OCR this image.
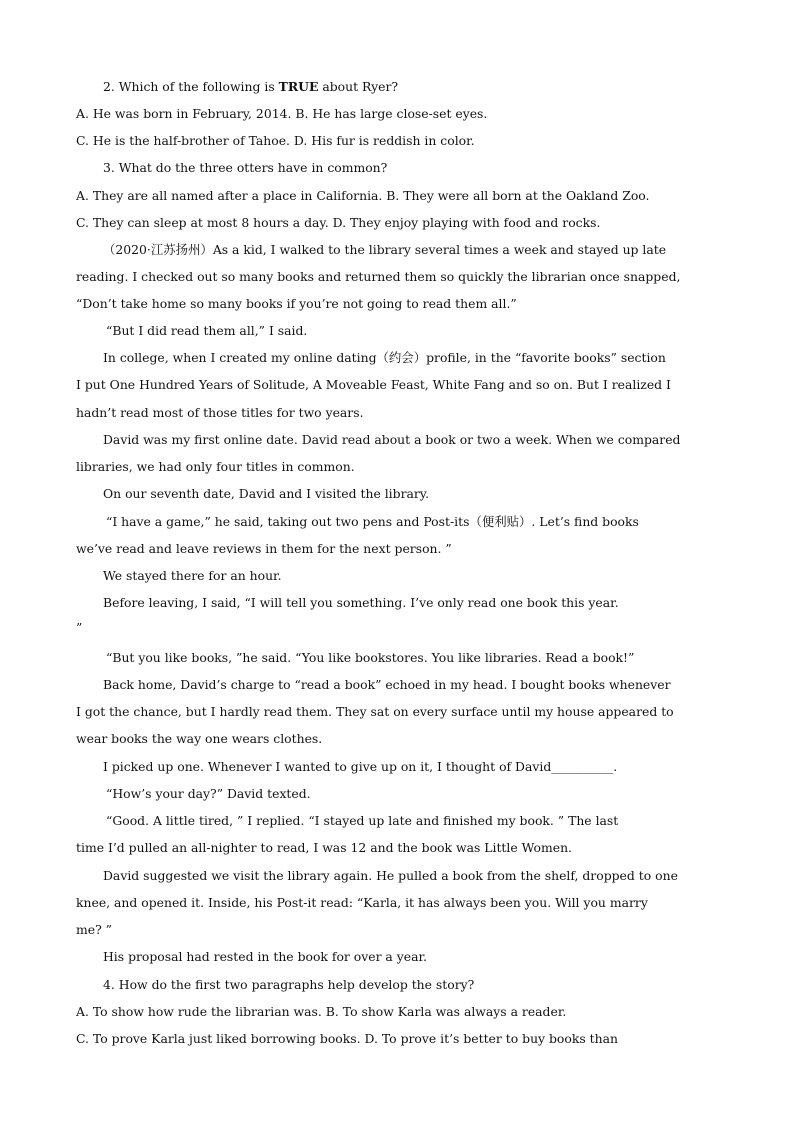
2. Which of the following is TRUE about Ryer?
A. He was born in February, 2014. B. He has large close-set eyes.
C. He is the half-brother of Tahoe. D. His fur is reddish in color.
3. What do the three otters have in common?
A. They are all named after a place in California. B. They were all born at the Oakland Zoo.
C. They can sleep at most 8 hours a day. D. They enjoy playing with food and rocks.
（2020·江苏扬州）As a kid, I walked to the library several times a week and stayed up late
reading. I checked out so many books and returned them so quickly the librarian once snapped,
“Don’t take home so many books if you’re not going to read them all.”
“But I did read them all,” I said.
In college, when I created my online dating（约会）profile, in the “favorite books” section
I put One Hundred Years of Solitude, A Moveable Feast, White Fang and so on. But I realized I
hadn’t read most of those titles for two years.
David was my first online date. David read about a book or two a week. When we compared
libraries, we had only four titles in common.
On our seventh date, David and I visited the library.
“I have a game,” he said, taking out two pens and Post-its（便利贴）. Let’s find books
we’ve read and leave reviews in them for the next person. ”
We stayed there for an hour.
Before leaving, I said, “I will tell you something. I’ve only read one book this year.
”
“But you like books, ”he said. “You like bookstores. You like libraries. Read a book!”
Back home, David’s charge to “read a book” echoed in my head. I bought books whenever
I got the chance, but I hardly read them. They sat on every surface until my house appeared to
wear books the way one wears clothes.
I picked up one. Whenever I wanted to give up on it, I thought of David__________.
“How’s your day?” David texted.
“Good. A little tired, ” I replied. “I stayed up late and finished my book. ” The last
time I’d pulled an all-nighter to read, I was 12 and the book was Little Women.
David suggested we visit the library again. He pulled a book from the shelf, dropped to one
knee, and opened it. Inside, his Post-it read: “Karla, it has always been you. Will you marry
me? ”
His proposal had rested in the book for over a year.
4. How do the first two paragraphs help develop the story?
A. To show how rude the librarian was. B. To show Karla was always a reader.
C. To prove Karla just liked borrowing books. D. To prove it’s better to buy books than
